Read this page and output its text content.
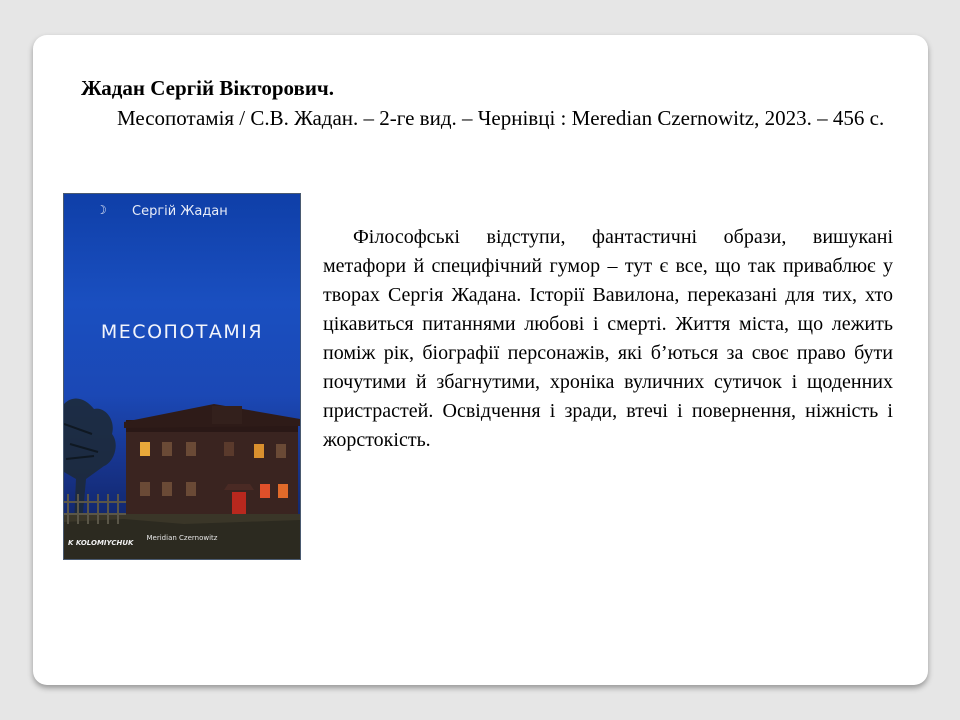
Жадан Сергій Вікторович.

Месопотамія / С.В. Жадан. – 2-ге вид. – Чернівці : Meredian Czernowitz, 2023. – 456 с.

☽ Сергій Жадан
МЕСОПОТАМІЯ
K KOLOMIYCHUK
Meridian Czernowitz

Філософські відступи, фантастичні образи, вишукані метафори й специфічний гумор – тут є все, що так приваблює у творах Сергія Жадана. Історії Вавилона, переказані для тих, хто цікавиться питаннями любові і смерті. Життя міста, що лежить поміж рік, біографії персонажів, які б’ються за своє право бути почутими й збагнутими, хроніка вуличних сутичок і щоденних пристрастей. Освідчення і зради, втечі і повернення, ніжність і жорстокість.
